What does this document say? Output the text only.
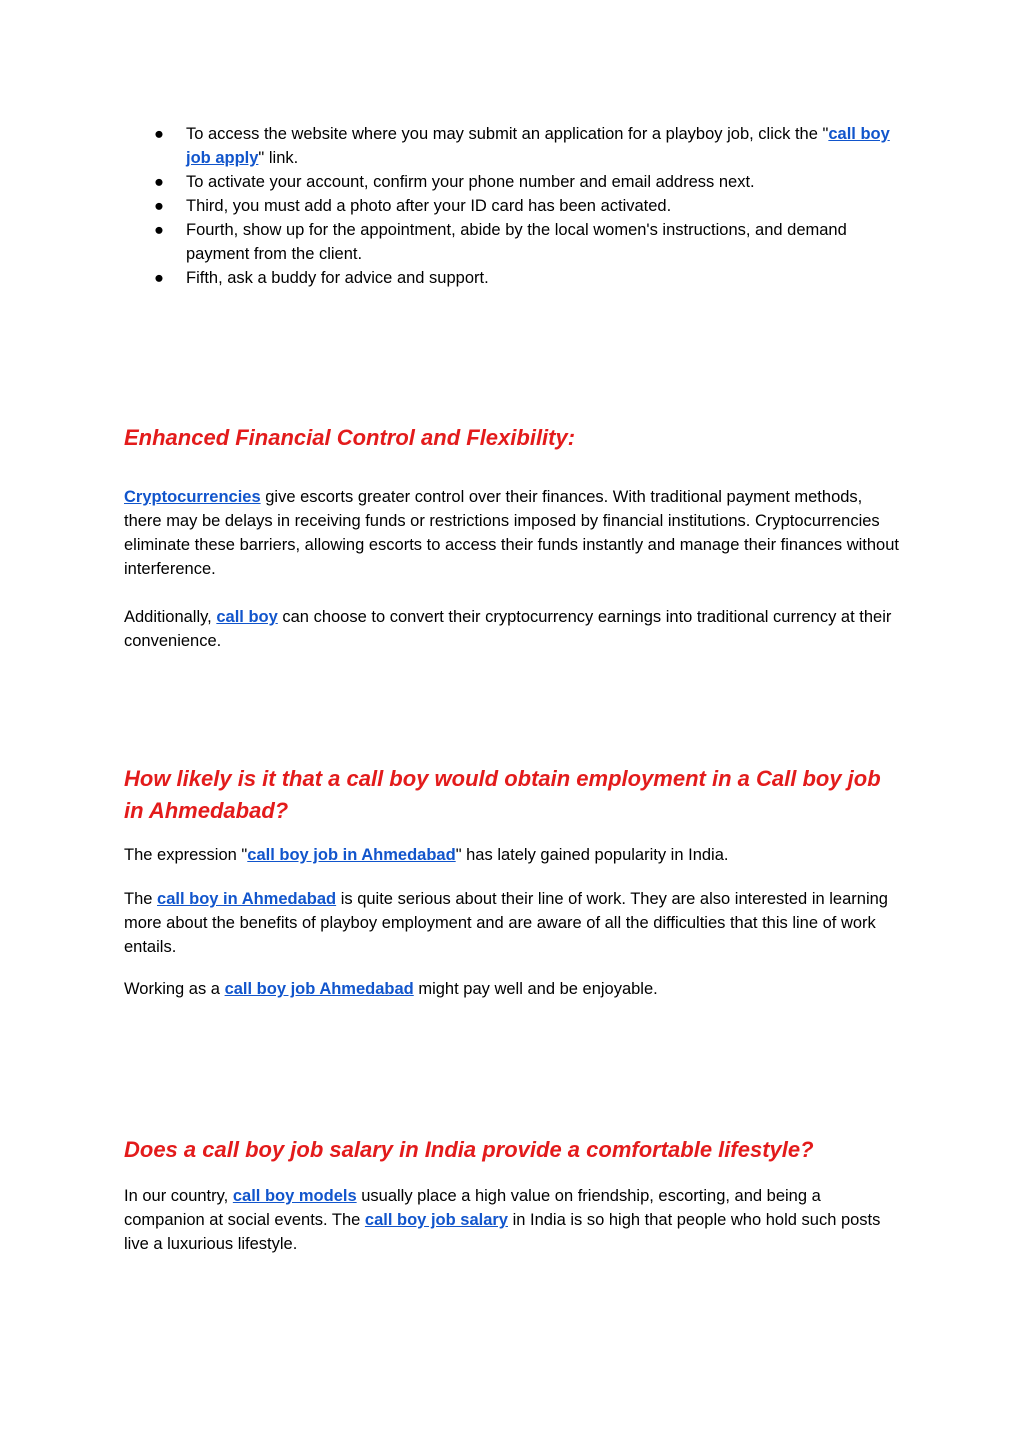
● To access the website where you may submit an application for a playboy job, click the "call boy job apply" link.
● To activate your account, confirm your phone number and email address next.
● Third, you must add a photo after your ID card has been activated.
● Fourth, show up for the appointment, abide by the local women's instructions, and demand payment from the client.
● Fifth, ask a buddy for advice and support.
Enhanced Financial Control and Flexibility:

Cryptocurrencies give escorts greater control over their finances. With traditional payment methods, there may be delays in receiving funds or restrictions imposed by financial institutions. Cryptocurrencies eliminate these barriers, allowing escorts to access their funds instantly and manage their finances without interference.

Additionally, call boy can choose to convert their cryptocurrency earnings into traditional currency at their convenience.

How likely is it that a call boy would obtain employment in a Call boy job in Ahmedabad?

The expression "call boy job in Ahmedabad" has lately gained popularity in India.

The call boy in Ahmedabad is quite serious about their line of work. They are also interested in learning more about the benefits of playboy employment and are aware of all the difficulties that this line of work entails.

Working as a call boy job Ahmedabad might pay well and be enjoyable.

Does a call boy job salary in India provide a comfortable lifestyle?

In our country, call boy models usually place a high value on friendship, escorting, and being a companion at social events. The call boy job salary in India is so high that people who hold such posts live a luxurious lifestyle.
